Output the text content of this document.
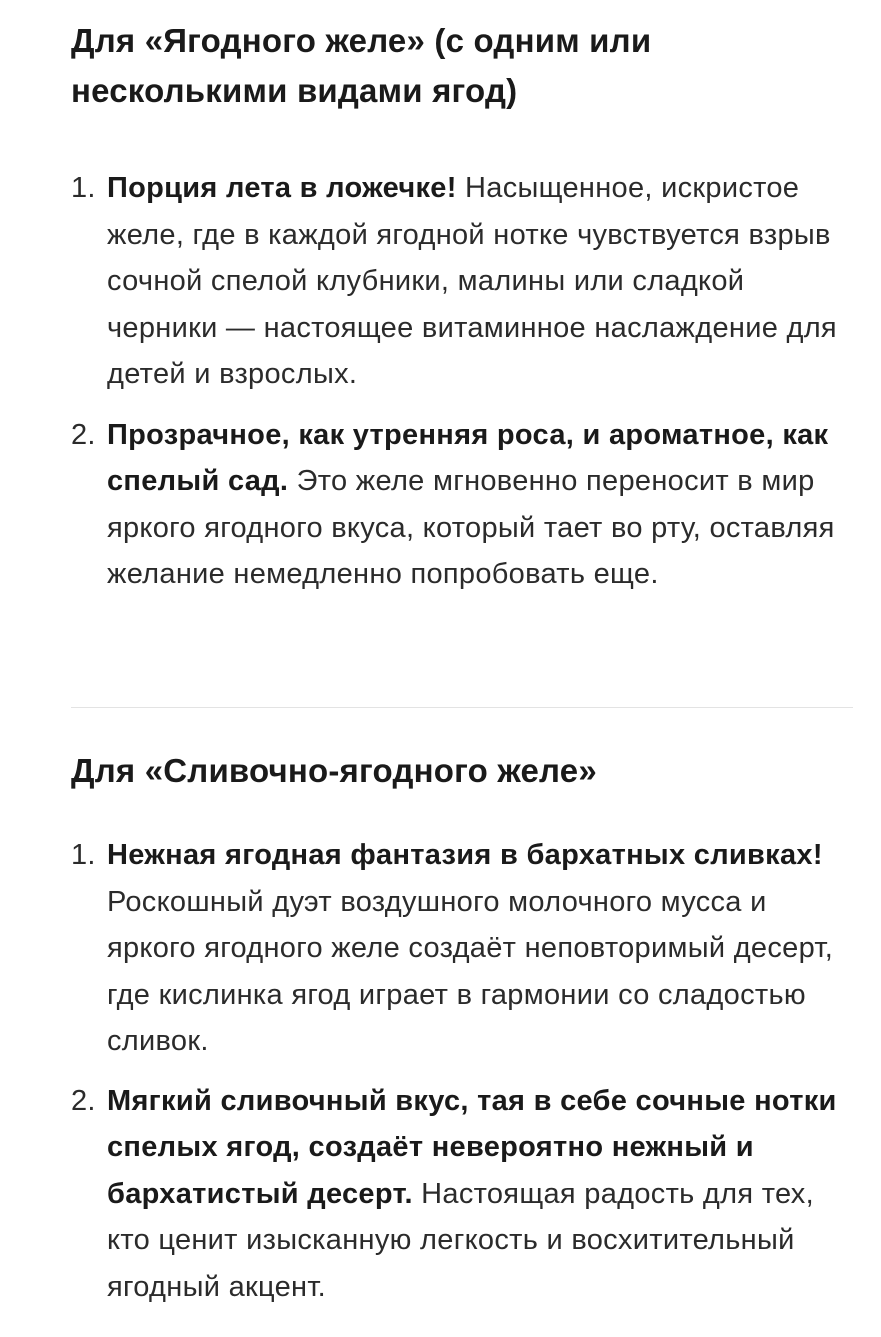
Для «Ягодного желе» (с одним или несколькими видами ягод)
1. Порция лета в ложечке! Насыщенное, искристое желе, где в каждой ягодной нотке чувствуется взрыв сочной спелой клубники, малины или сладкой черники — настоящее витаминное наслаждение для детей и взрослых.
2. Прозрачное, как утренняя роса, и ароматное, как спелый сад. Это желе мгновенно переносит в мир яркого ягодного вкуса, который тает во рту, оставляя желание немедленно попробовать еще.
Для «Сливочно-ягодного желе»
1. Нежная ягодная фантазия в бархатных сливках! Роскошный дуэт воздушного молочного мусса и яркого ягодного желе создаёт неповторимый десерт, где кислинка ягод играет в гармонии со сладостью сливок.
2. Мягкий сливочный вкус, тая в себе сочные нотки спелых ягод, создаёт невероятно нежный и бархатистый десерт. Настоящая радость для тех, кто ценит изысканную легкость и восхитительный ягодный акцент.
